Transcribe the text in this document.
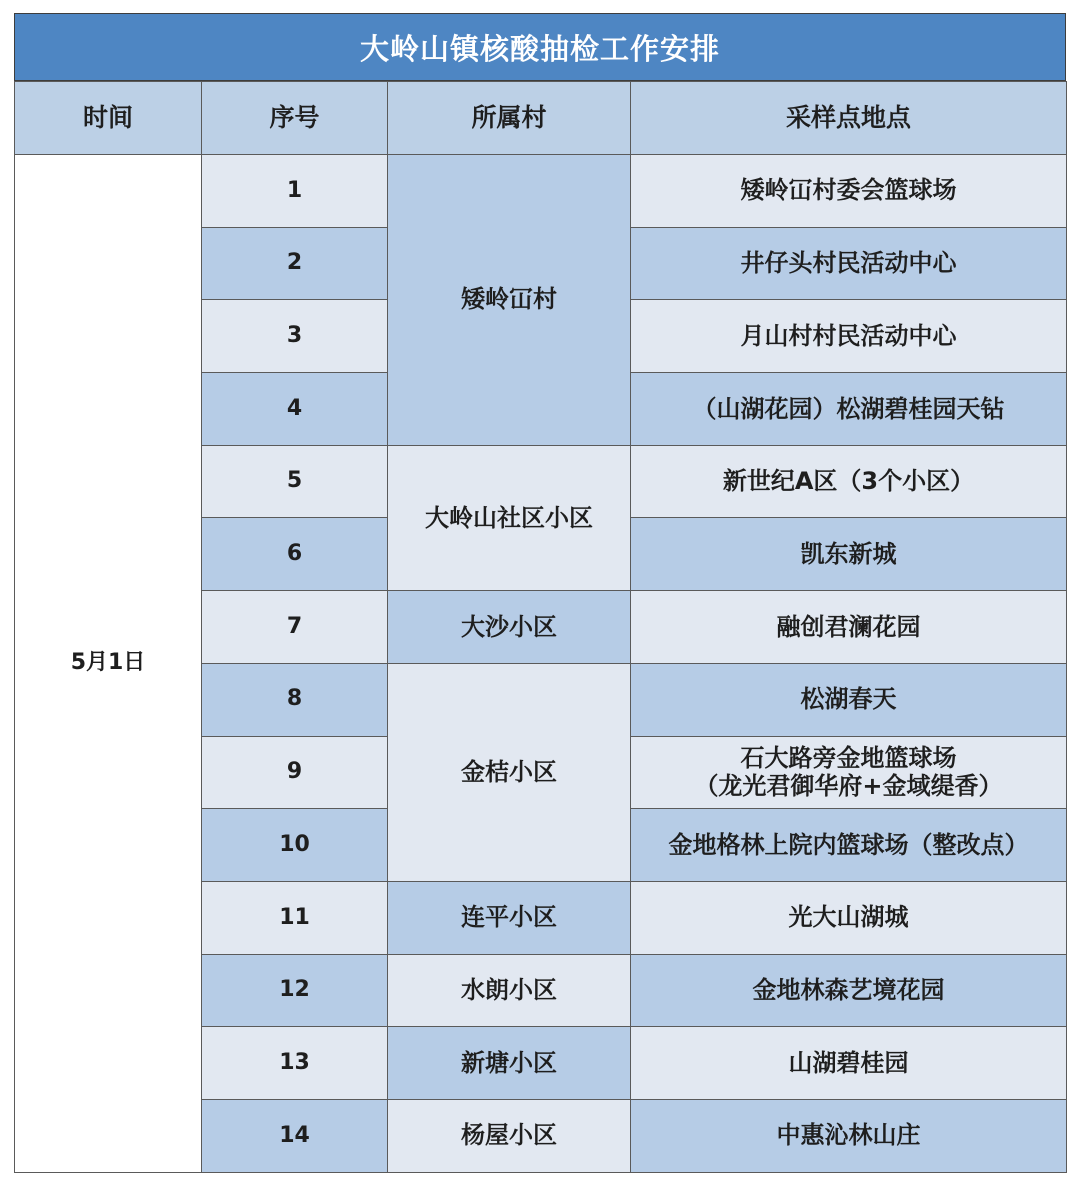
大岭山镇核酸抽检工作安排
时间	序号	所属村	采样点地点
5月1日	1	矮岭冚村	矮岭冚村委会篮球场
	2		井仔头村民活动中心
	3		月山村村民活动中心
	4		（山湖花园）松湖碧桂园天钻
	5	大岭山社区小区	新世纪A区（3个小区）
	6		凯东新城
	7	大沙小区	融创君澜花园
	8	金桔小区	松湖春天
	9		石大路旁金地篮球场
（龙光君御华府+金域缇香）

	10		金地格林上院内篮球场（整改点）
	11	连平小区	光大山湖城
	12	水朗小区	金地林森艺境花园
	13	新塘小区	山湖碧桂园
	14	杨屋小区	中惠沁林山庄
